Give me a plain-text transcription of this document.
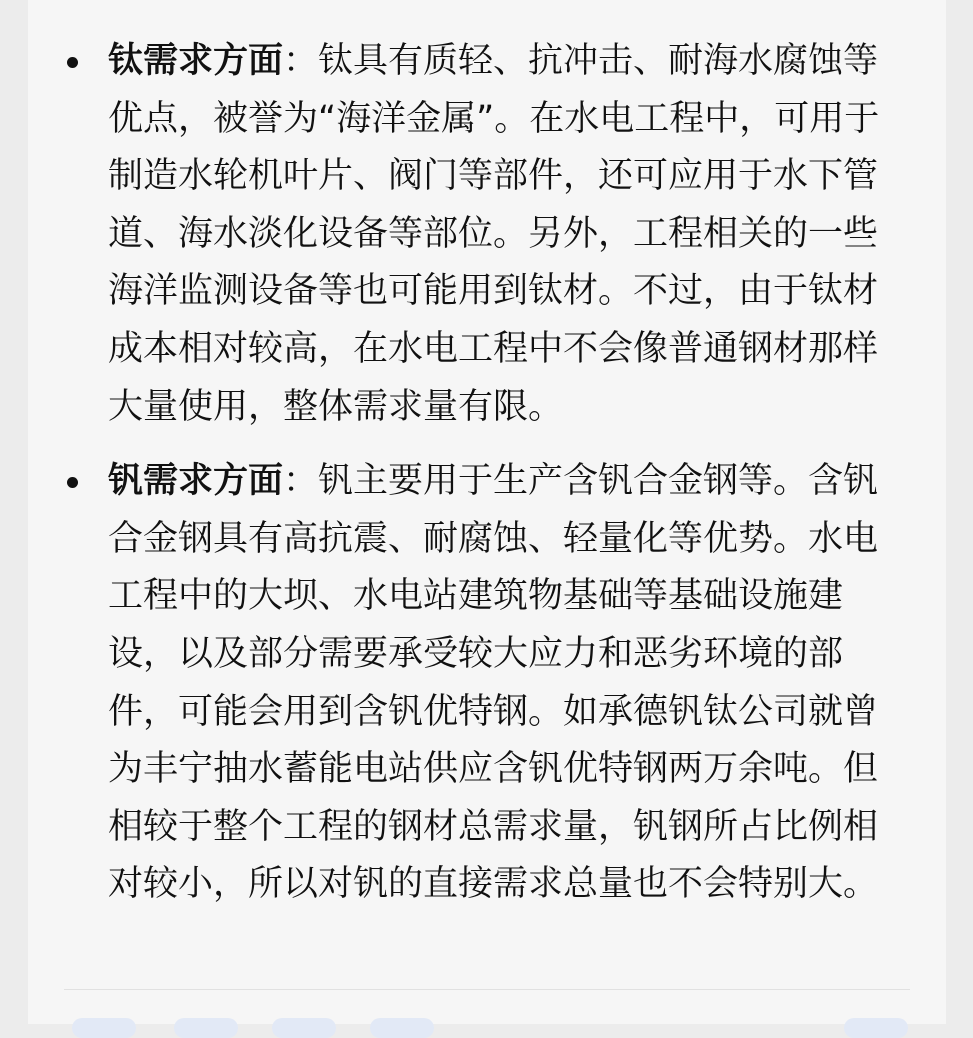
钛需求方面：钛具有质轻、抗冲击、耐海水腐蚀等优点，被誉为“海洋金属”。在水电工程中，可用于制造水轮机叶片、阀门等部件，还可应用于水下管道、海水淡化设备等部位。另外，工程相关的一些海洋监测设备等也可能用到钛材。不过，由于钛材成本相对较高，在水电工程中不会像普通钢材那样大量使用，整体需求量有限。

钒需求方面：钒主要用于生产含钒合金钢等。含钒合金钢具有高抗震、耐腐蚀、轻量化等优势。水电工程中的大坝、水电站建筑物基础等基础设施建设，以及部分需要承受较大应力和恶劣环境的部件，可能会用到含钒优特钢。如承德钒钛公司就曾为丰宁抽水蓄能电站供应含钒优特钢两万余吨。但相较于整个工程的钢材总需求量，钒钢所占比例相对较小，所以对钒的直接需求总量也不会特别大。
